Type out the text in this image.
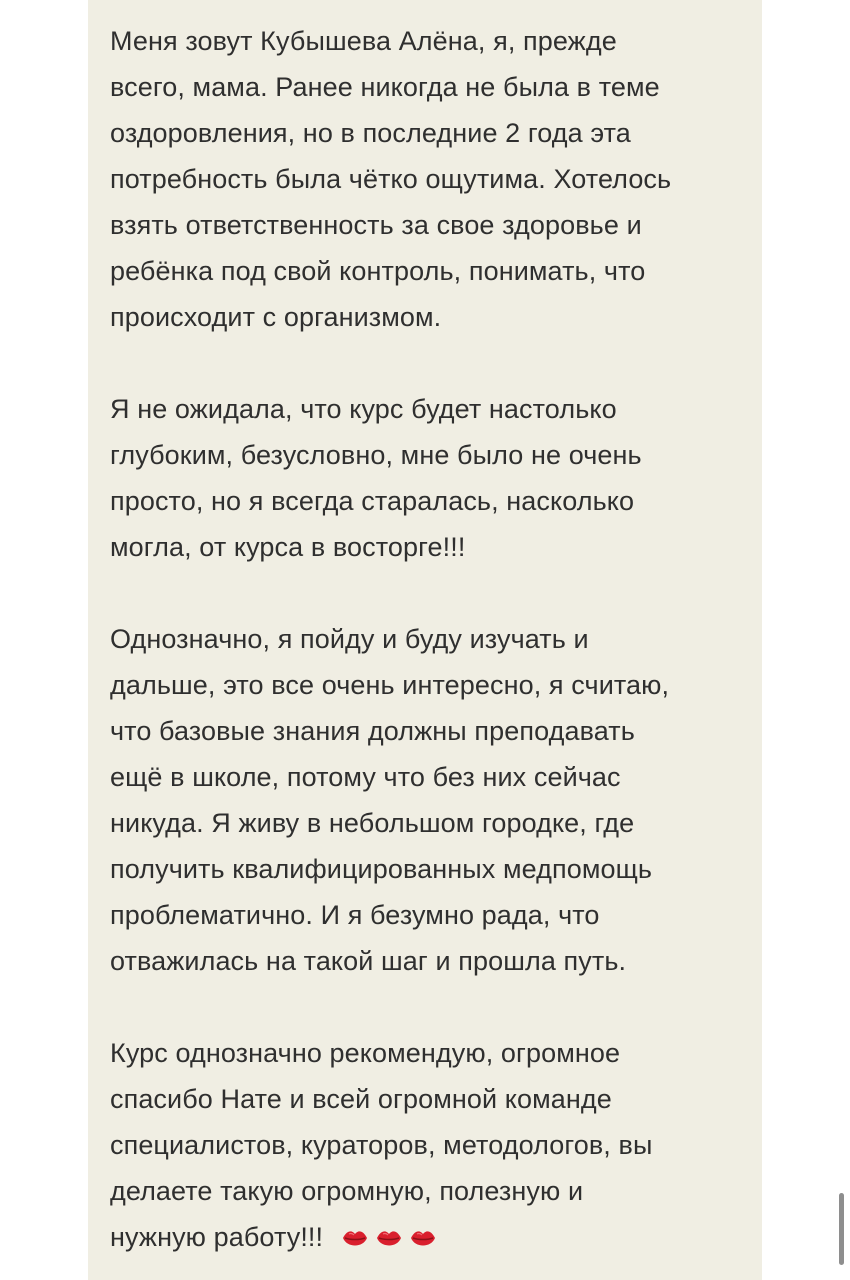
Меня зовут Кубышева Алёна, я, прежде
всего, мама. Ранее никогда не была в теме
оздоровления, но в последние 2 года эта
потребность была чётко ощутима. Хотелось
взять ответственность за свое здоровье и
ребёнка под свой контроль, понимать, что
происходит с организмом.
Я не ожидала, что курс будет настолько
глубоким, безусловно, мне было не очень
просто, но я всегда старалась, насколько
могла, от курса в восторге!!!
Однозначно, я пойду и буду изучать и
дальше, это все очень интересно, я считаю,
что базовые знания должны преподавать
ещё в школе, потому что без них сейчас
никуда. Я живу в небольшом городке, где
получить квалифицированных медпомощь
проблематично. И я безумно рада, что
отважилась на такой шаг и прошла путь.
Курс однозначно рекомендую, огромное
спасибо Нате и всей огромной команде
специалистов, кураторов, методологов, вы
делаете такую огромную, полезную и
нужную работу!!!
